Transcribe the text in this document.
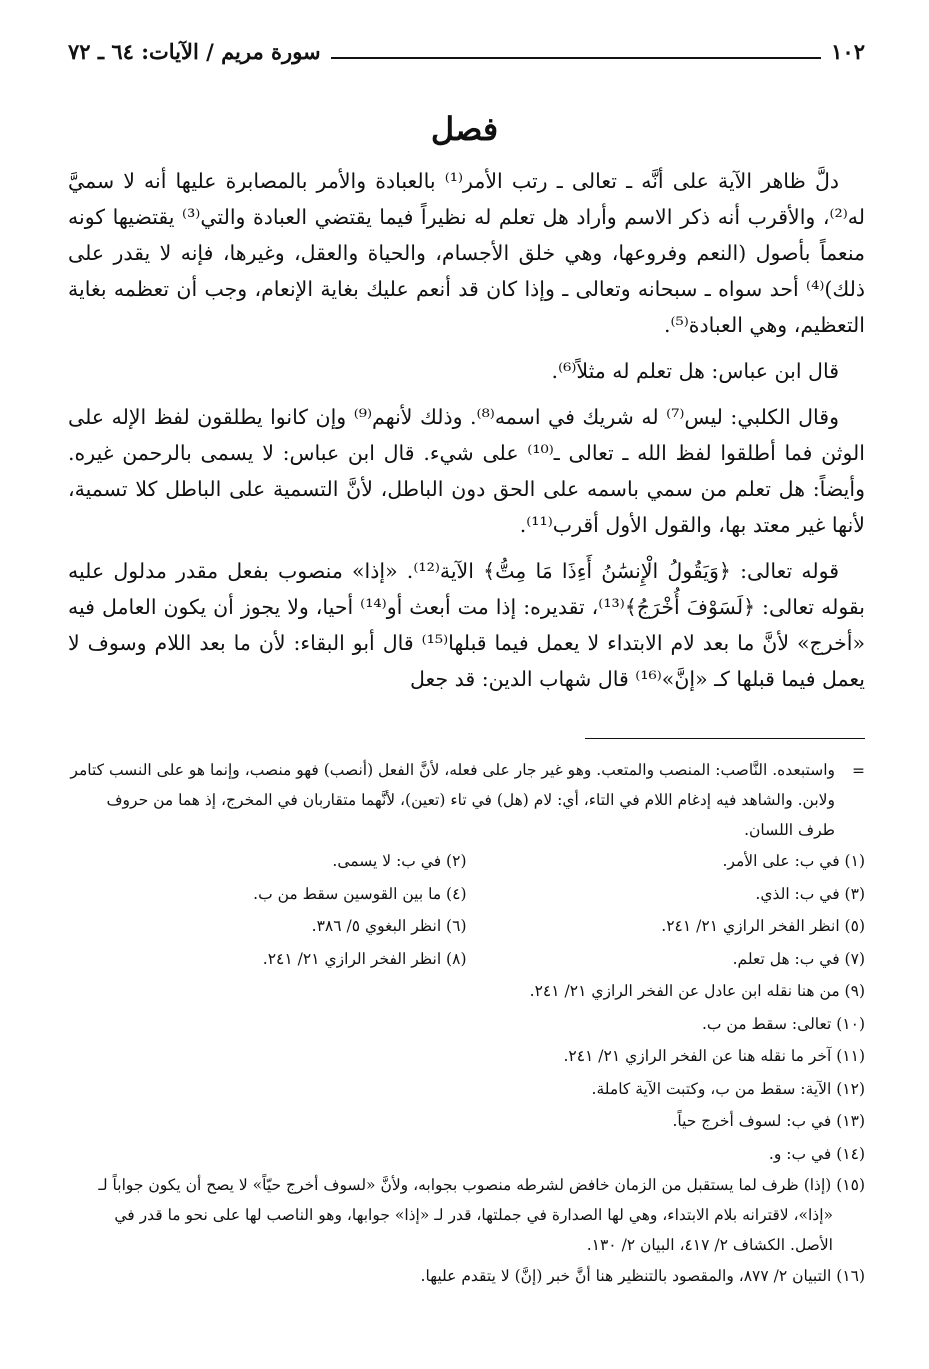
١٠٢
سورة مريم / الآيات: ٦٤ ـ ٧٢
فصل

دلَّ ظاهر الآية على أنَّه ـ تعالى ـ رتب الأمر⁽¹⁾ بالعبادة والأمر بالمصابرة عليها أنه لا سميَّ له⁽²⁾، والأقرب أنه ذكر الاسم وأراد هل تعلم له نظيراً فيما يقتضي العبادة والتي⁽³⁾ يقتضيها كونه منعماً بأصول (النعم وفروعها، وهي خلق الأجسام، والحياة والعقل، وغيرها، فإنه لا يقدر على ذلك)⁽⁴⁾ أحد سواه ـ سبحانه وتعالى ـ وإذا كان قد أنعم عليك بغاية الإنعام، وجب أن تعظمه بغاية التعظيم، وهي العبادة⁽⁵⁾.

قال ابن عباس: هل تعلم له مثلاً⁽⁶⁾.

وقال الكلبي: ليس⁽⁷⁾ له شريك في اسمه⁽⁸⁾. وذلك لأنهم⁽⁹⁾ وإن كانوا يطلقون لفظ الإله على الوثن فما أطلقوا لفظ الله ـ تعالى ـ⁽¹⁰⁾ على شيء. قال ابن عباس: لا يسمى بالرحمن غيره. وأيضاً: هل تعلم من سمي باسمه على الحق دون الباطل، لأنَّ التسمية على الباطل كلا تسمية، لأنها غير معتد بها، والقول الأول أقرب⁽¹¹⁾.

قوله تعالى: ﴿وَيَقُولُ الْإِنسَٰنُ أَءِذَا مَا مِتُّ﴾ الآية⁽¹²⁾. «إذا» منصوب بفعل مقدر مدلول عليه بقوله تعالى: ﴿لَسَوْفَ أُخْرَجُ﴾⁽¹³⁾، تقديره: إذا مت أبعث أو⁽¹⁴⁾ أحيا، ولا يجوز أن يكون العامل فيه «أخرج» لأنَّ ما بعد لام الابتداء لا يعمل فيما قبلها⁽¹⁵⁾ قال أبو البقاء: لأن ما بعد اللام وسوف لا يعمل فيما قبلها كـ «إنَّ»⁽¹⁶⁾ قال شهاب الدين: قد جعل

=
واستبعده. النَّاصب: المنصب والمتعب. وهو غير جار على فعله، لأنَّ الفعل (أنصب) فهو منصب، وإنما هو على النسب كتامر ولابن. والشاهد فيه إدغام اللام في التاء، أي: لام (هل) في تاء (تعين)، لأنَّهما متقاربان في المخرج، إذ هما من حروف طرف اللسان.
(١) في ب: على الأمر.
(٢) في ب: لا يسمى.
(٣) في ب: الذي.
(٤) ما بين القوسين سقط من ب.
(٥) انظر الفخر الرازي ٢١/ ٢٤١.
(٦) انظر البغوي ٥/ ٣٨٦.
(٧) في ب: هل تعلم.
(٨) انظر الفخر الرازي ٢١/ ٢٤١.
(٩) من هنا نقله ابن عادل عن الفخر الرازي ٢١/ ٢٤١.
(١٠) تعالى: سقط من ب.
(١١) آخر ما نقله هنا عن الفخر الرازي ٢١/ ٢٤١.
(١٢) الآية: سقط من ب، وكتبت الآية كاملة.
(١٣) في ب: لسوف أخرج حياً.
(١٤) في ب: و.
(١٥) (إذا) ظرف لما يستقبل من الزمان خافض لشرطه منصوب بجوابه، ولأنَّ «لسوف أخرج حيّاً» لا يصح أن يكون جواباً لـ «إذا»، لاقترانه بلام الابتداء، وهي لها الصدارة في جملتها، قدر لـ «إذا» جوابها، وهو الناصب لها على نحو ما قدر في الأصل. الكشاف ٢/ ٤١٧، البيان ٢/ ١٣٠.
(١٦) التبيان ٢/ ٨٧٧، والمقصود بالتنظير هنا أنَّ خبر (إنَّ) لا يتقدم عليها.
